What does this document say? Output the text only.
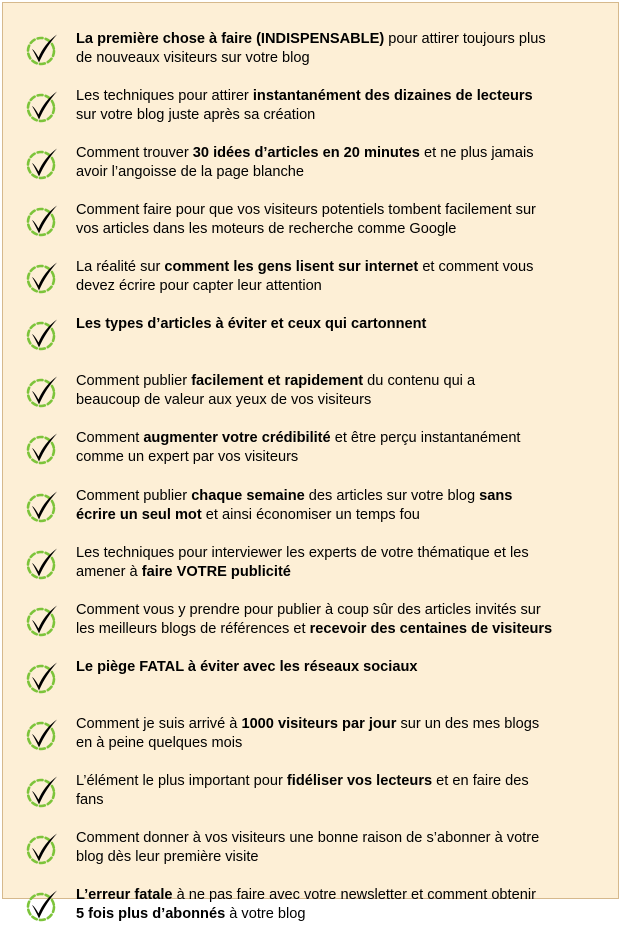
La première chose à faire (INDISPENSABLE) pour attirer toujours plus
de nouveaux visiteurs sur votre blog
Les techniques pour attirer instantanément des dizaines de lecteurs
sur votre blog juste après sa création
Comment trouver 30 idées d’articles en 20 minutes et ne plus jamais
avoir l’angoisse de la page blanche
Comment faire pour que vos visiteurs potentiels tombent facilement sur
vos articles dans les moteurs de recherche comme Google
La réalité sur comment les gens lisent sur internet et comment vous
devez écrire pour capter leur attention
Les types d’articles à éviter et ceux qui cartonnent
Comment publier facilement et rapidement du contenu qui a
beaucoup de valeur aux yeux de vos visiteurs
Comment augmenter votre crédibilité et être perçu instantanément
comme un expert par vos visiteurs
Comment publier chaque semaine des articles sur votre blog sans
écrire un seul mot et ainsi économiser un temps fou
Les techniques pour interviewer les experts de votre thématique et les
amener à faire VOTRE publicité
Comment vous y prendre pour publier à coup sûr des articles invités sur
les meilleurs blogs de références et recevoir des centaines de visiteurs
Le piège FATAL à éviter avec les réseaux sociaux
Comment je suis arrivé à 1000 visiteurs par jour sur un des mes blogs
en à peine quelques mois
L’élément le plus important pour fidéliser vos lecteurs et en faire des
fans
Comment donner à vos visiteurs une bonne raison de s’abonner à votre
blog dès leur première visite
L’erreur fatale à ne pas faire avec votre newsletter et comment obtenir
5 fois plus d’abonnés à votre blog
